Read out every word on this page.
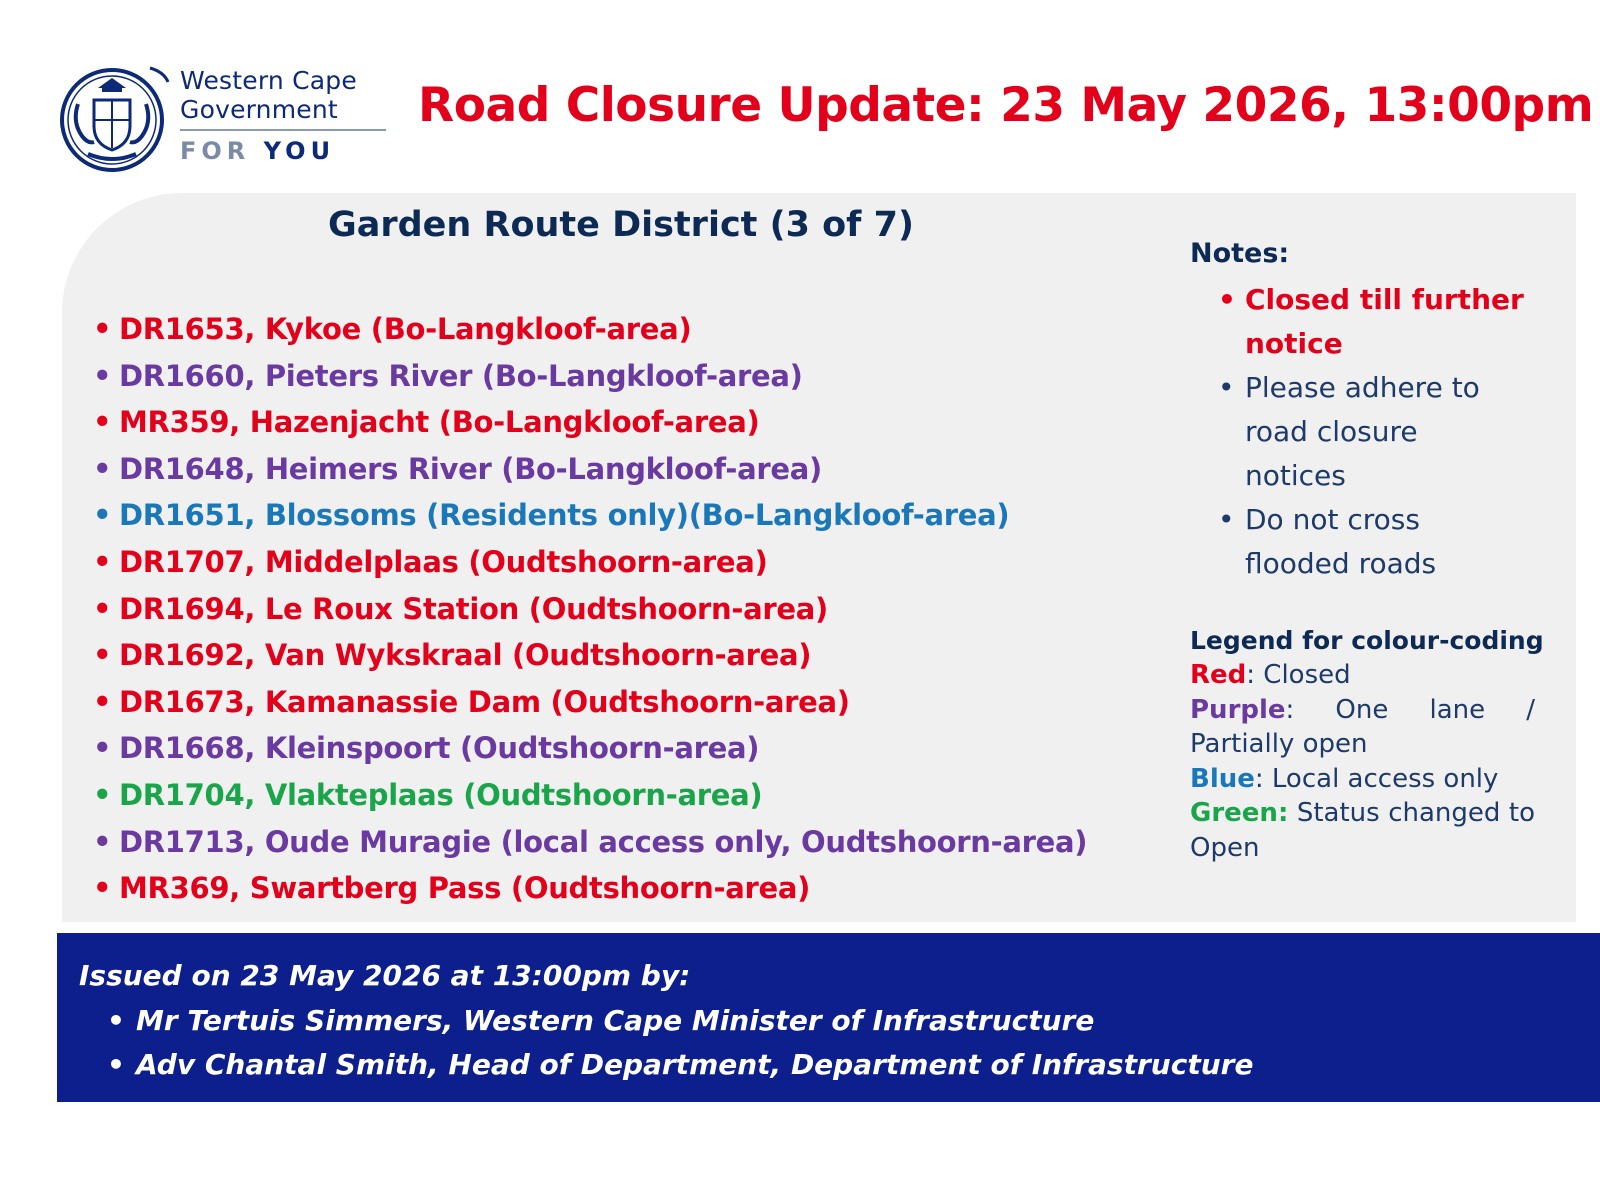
Western Cape
Government
FOR YOU
Road Closure Update: 23 May 2026, 13:00pm
Garden Route District (3 of 7)
• DR1653, Kykoe (Bo-Langkloof-area)
• DR1660, Pieters River (Bo-Langkloof-area)
• MR359, Hazenjacht (Bo-Langkloof-area)
• DR1648, Heimers River (Bo-Langkloof-area)
• DR1651, Blossoms (Residents only)(Bo-Langkloof-area)
• DR1707, Middelplaas (Oudtshoorn-area)
• DR1694, Le Roux Station (Oudtshoorn-area)
• DR1692, Van Wykskraal (Oudtshoorn-area)
• DR1673, Kamanassie Dam (Oudtshoorn-area)
• DR1668, Kleinspoort (Oudtshoorn-area)
• DR1704, Vlakteplaas (Oudtshoorn-area)
• DR1713, Oude Muragie (local access only, Oudtshoorn-area)
• MR369, Swartberg Pass (Oudtshoorn-area)
Notes:
• Closed till further
notice
• Please adhere to
road closure
notices
• Do not cross
flooded roads
Legend for colour-coding
Red: Closed
Purple: One lane / Partially open
Blue: Local access only
Green: Status changed to Open
Issued on 23 May 2026 at 13:00pm by:
• Mr Tertuis Simmers, Western Cape Minister of Infrastructure
• Adv Chantal Smith, Head of Department, Department of Infrastructure
